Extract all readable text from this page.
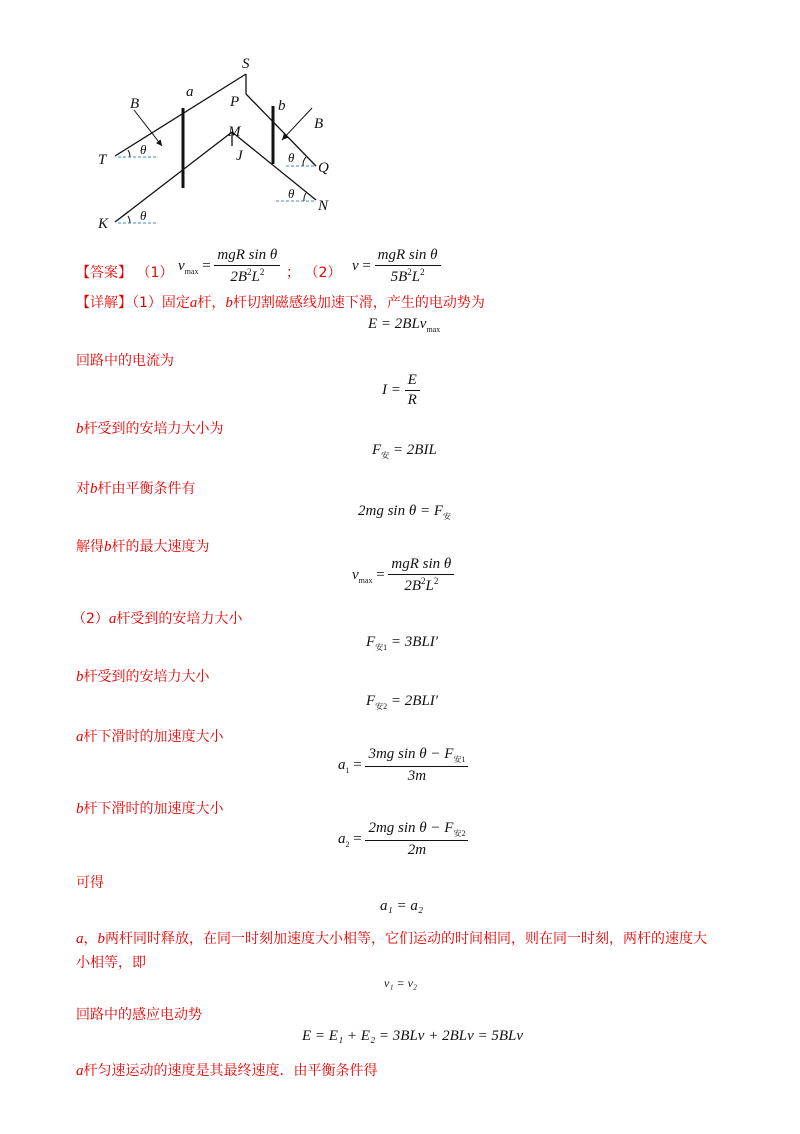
S
P
a
b
B
B
M
J
T
K
Q
N
θ
θ
θ
θ
【答案】 （1） $v_{max} = \frac{\text{mgR sin θ}}{2B^2L^2}$ ； （2） $v = \frac{\text{mgR sin θ}}{5B^2L^2}$
【详解】（1）固定a杆，b杆切割磁感线加速下滑，产生的电动势为
E = 2BLv$_{max}$
回路中的电流为
$I = \frac{E}{R}$
b杆受到的安培力大小为
$F_安 = 2BIL$
对b杆由平衡条件有
2mg $\sin \theta = F_安$
解得b杆的最大速度为
$v_{max} = \frac{\text{mgR sin θ}}{2B^2L^2}$
（2）a杆受到的安培力大小
$F_{安1} = 3BLI'$
b杆受到的安培力大小
$F_{安2} = 2BLI'$
a杆下滑时的加速度大小
$a_1 = \frac{3mg \sin \theta - F_{安1}}{3m}$
b杆下滑时的加速度大小
$a_2 = \frac{2mg \sin \theta - F_{安2}}{2m}$
可得
a₁ = a₂
a，b两杆同时释放，在同一时刻加速度大小相等，它们运动的时间相同，则在同一时刻，两杆的速度大
小相等，即
v₁ = v₂
回路中的感应电动势
E = E₁ + E₂ = 3BLv + 2BLv = 5BLv
a杆匀速运动的速度是其最终速度．由平衡条件得
